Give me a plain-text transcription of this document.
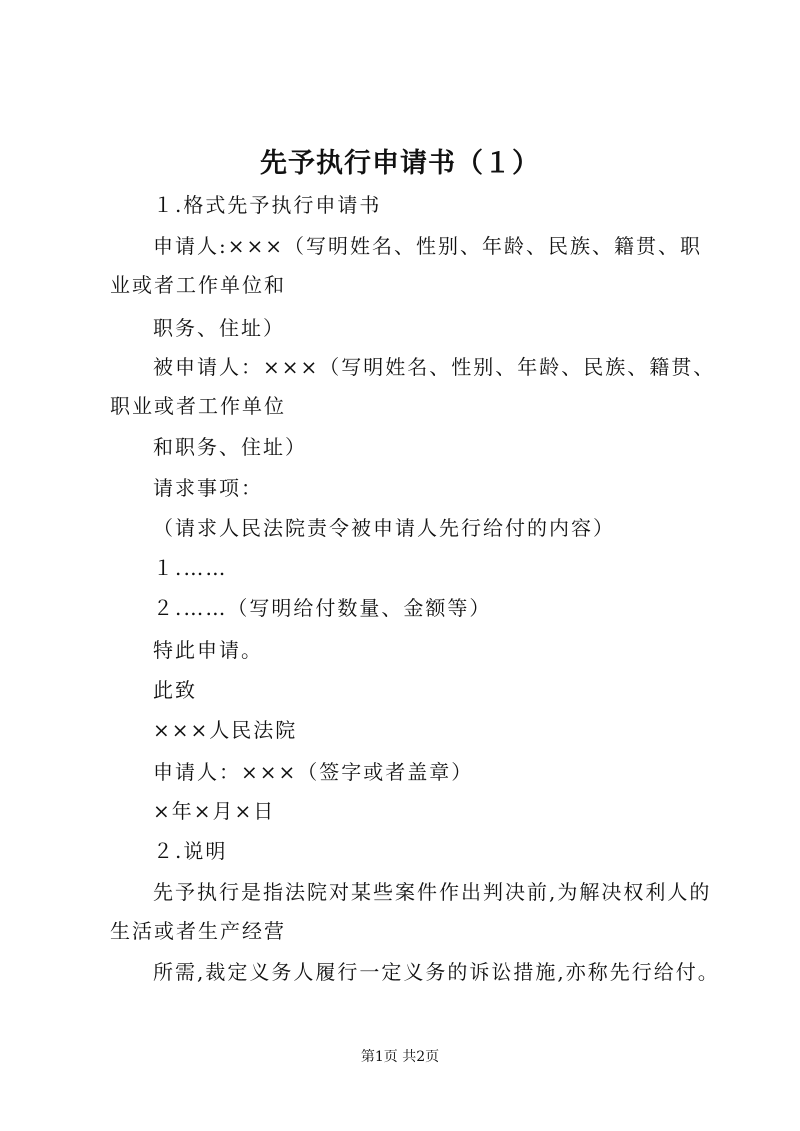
先予执行申请书（１）
１.格式先予执行申请书
申请人:×××（写明姓名、性别、年龄、民族、籍贯、职
业或者工作单位和
职务、住址）
被申请人：×××（写明姓名、性别、年龄、民族、籍贯、
职业或者工作单位
和职务、住址）
请求事项：
（请求人民法院责令被申请人先行给付的内容）
１.……
２.……（写明给付数量、金额等）
特此申请。
此致
×××人民法院
申请人：×××（签字或者盖章）
×年×月×日
２.说明
先予执行是指法院对某些案件作出判决前,为解决权利人的
生活或者生产经营
所需,裁定义务人履行一定义务的诉讼措施,亦称先行给付。
第1页 共2页
